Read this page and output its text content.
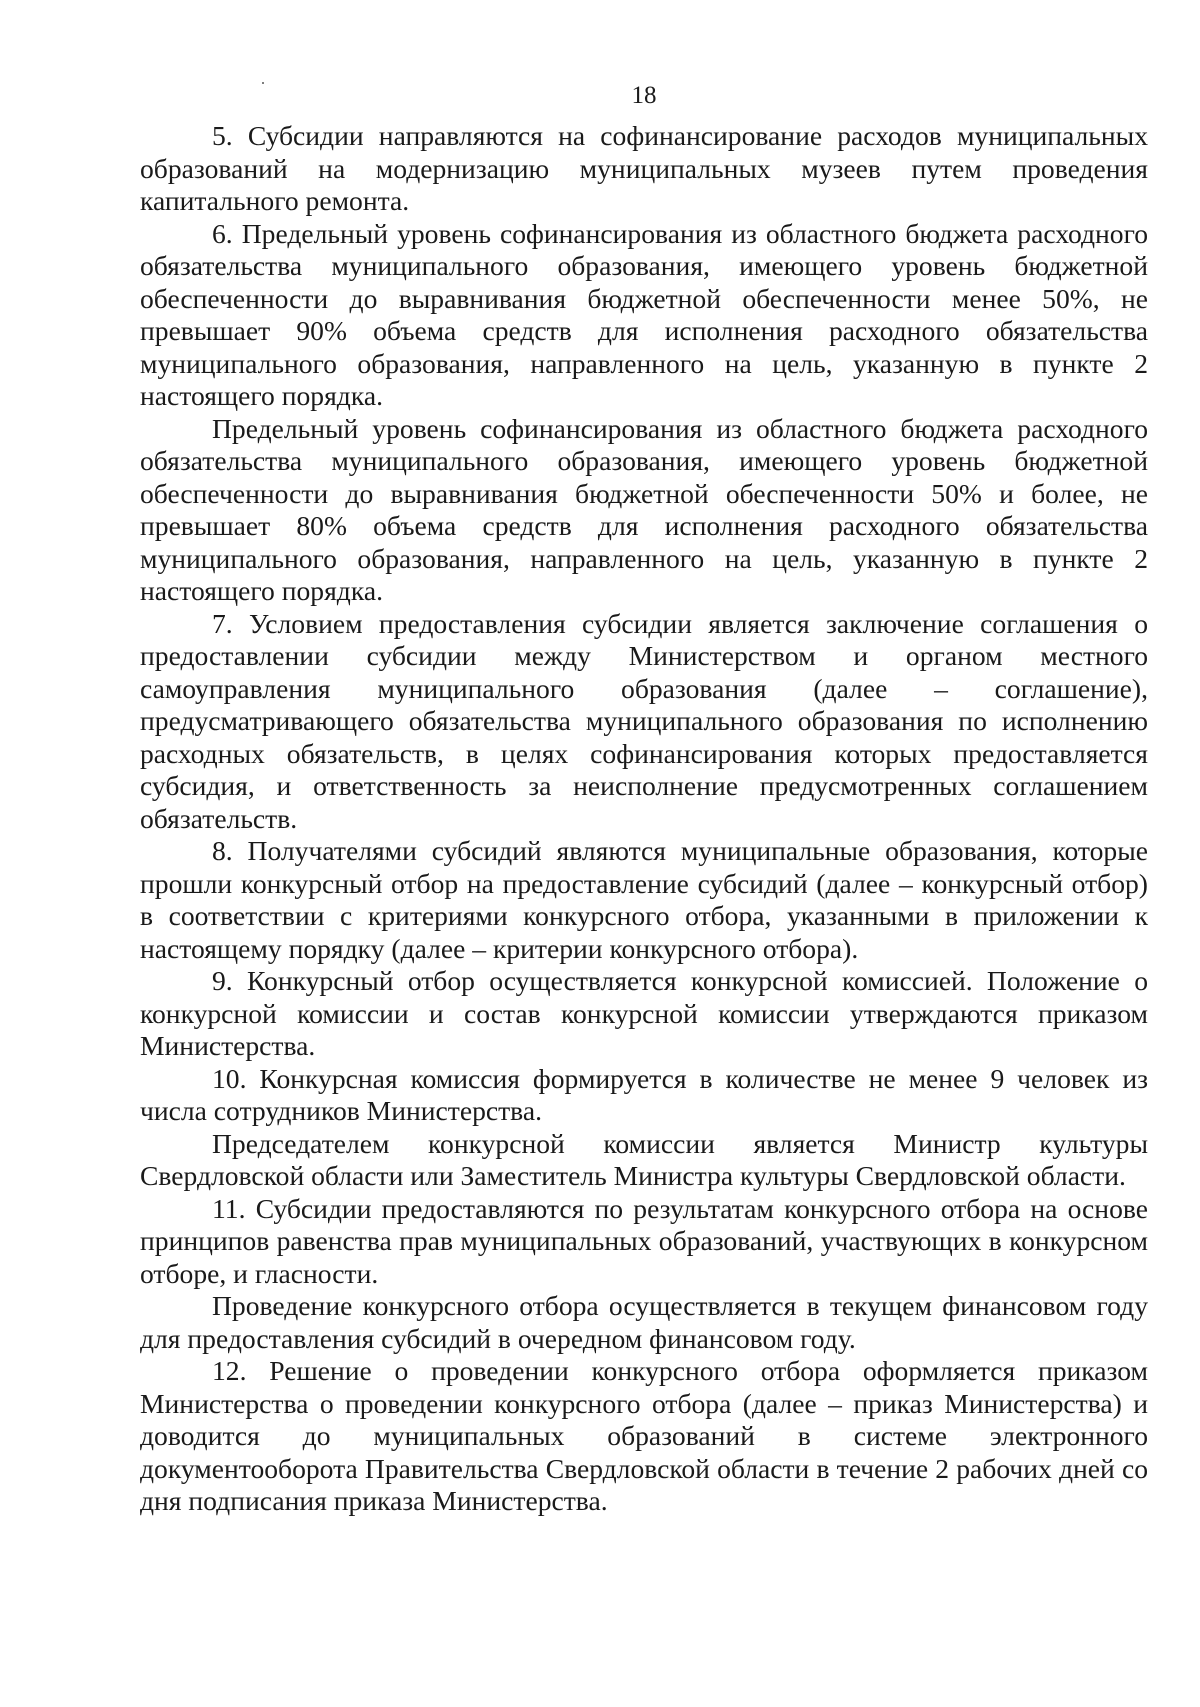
18

5. Субсидии направляются на софинансирование расходов муниципальных образований на модернизацию муниципальных музеев путем проведения капитального ремонта.

6. Предельный уровень софинансирования из областного бюджета расходного обязательства муниципального образования, имеющего уровень бюджетной обеспеченности до выравнивания бюджетной обеспеченности менее 50%, не превышает 90% объема средств для исполнения расходного обязательства муниципального образования, направленного на цель, указанную в пункте 2 настоящего порядка.

Предельный уровень софинансирования из областного бюджета расходного обязательства муниципального образования, имеющего уровень бюджетной обеспеченности до выравнивания бюджетной обеспеченности 50% и более, не превышает 80% объема средств для исполнения расходного обязательства муниципального образования, направленного на цель, указанную в пункте 2 настоящего порядка.

7. Условием предоставления субсидии является заключение соглашения о предоставлении субсидии между Министерством и органом местного самоуправления муниципального образования (далее – соглашение), предусматривающего обязательства муниципального образования по исполнению расходных обязательств, в целях софинансирования которых предоставляется субсидия, и ответственность за неисполнение предусмотренных соглашением обязательств.

8. Получателями субсидий являются муниципальные образования, которые прошли конкурсный отбор на предоставление субсидий (далее – конкурсный отбор) в соответствии с критериями конкурсного отбора, указанными в приложении к настоящему порядку (далее – критерии конкурсного отбора).

9. Конкурсный отбор осуществляется конкурсной комиссией. Положение о конкурсной комиссии и состав конкурсной комиссии утверждаются приказом Министерства.

10. Конкурсная комиссия формируется в количестве не менее 9 человек из числа сотрудников Министерства.

Председателем конкурсной комиссии является Министр культуры Свердловской области или Заместитель Министра культуры Свердловской области.

11. Субсидии предоставляются по результатам конкурсного отбора на основе принципов равенства прав муниципальных образований, участвующих в конкурсном отборе, и гласности.

Проведение конкурсного отбора осуществляется в текущем финансовом году для предоставления субсидий в очередном финансовом году.

12. Решение о проведении конкурсного отбора оформляется приказом Министерства о проведении конкурсного отбора (далее – приказ Министерства) и доводится до муниципальных образований в системе электронного документооборота Правительства Свердловской области в течение 2 рабочих дней со дня подписания приказа Министерства.
